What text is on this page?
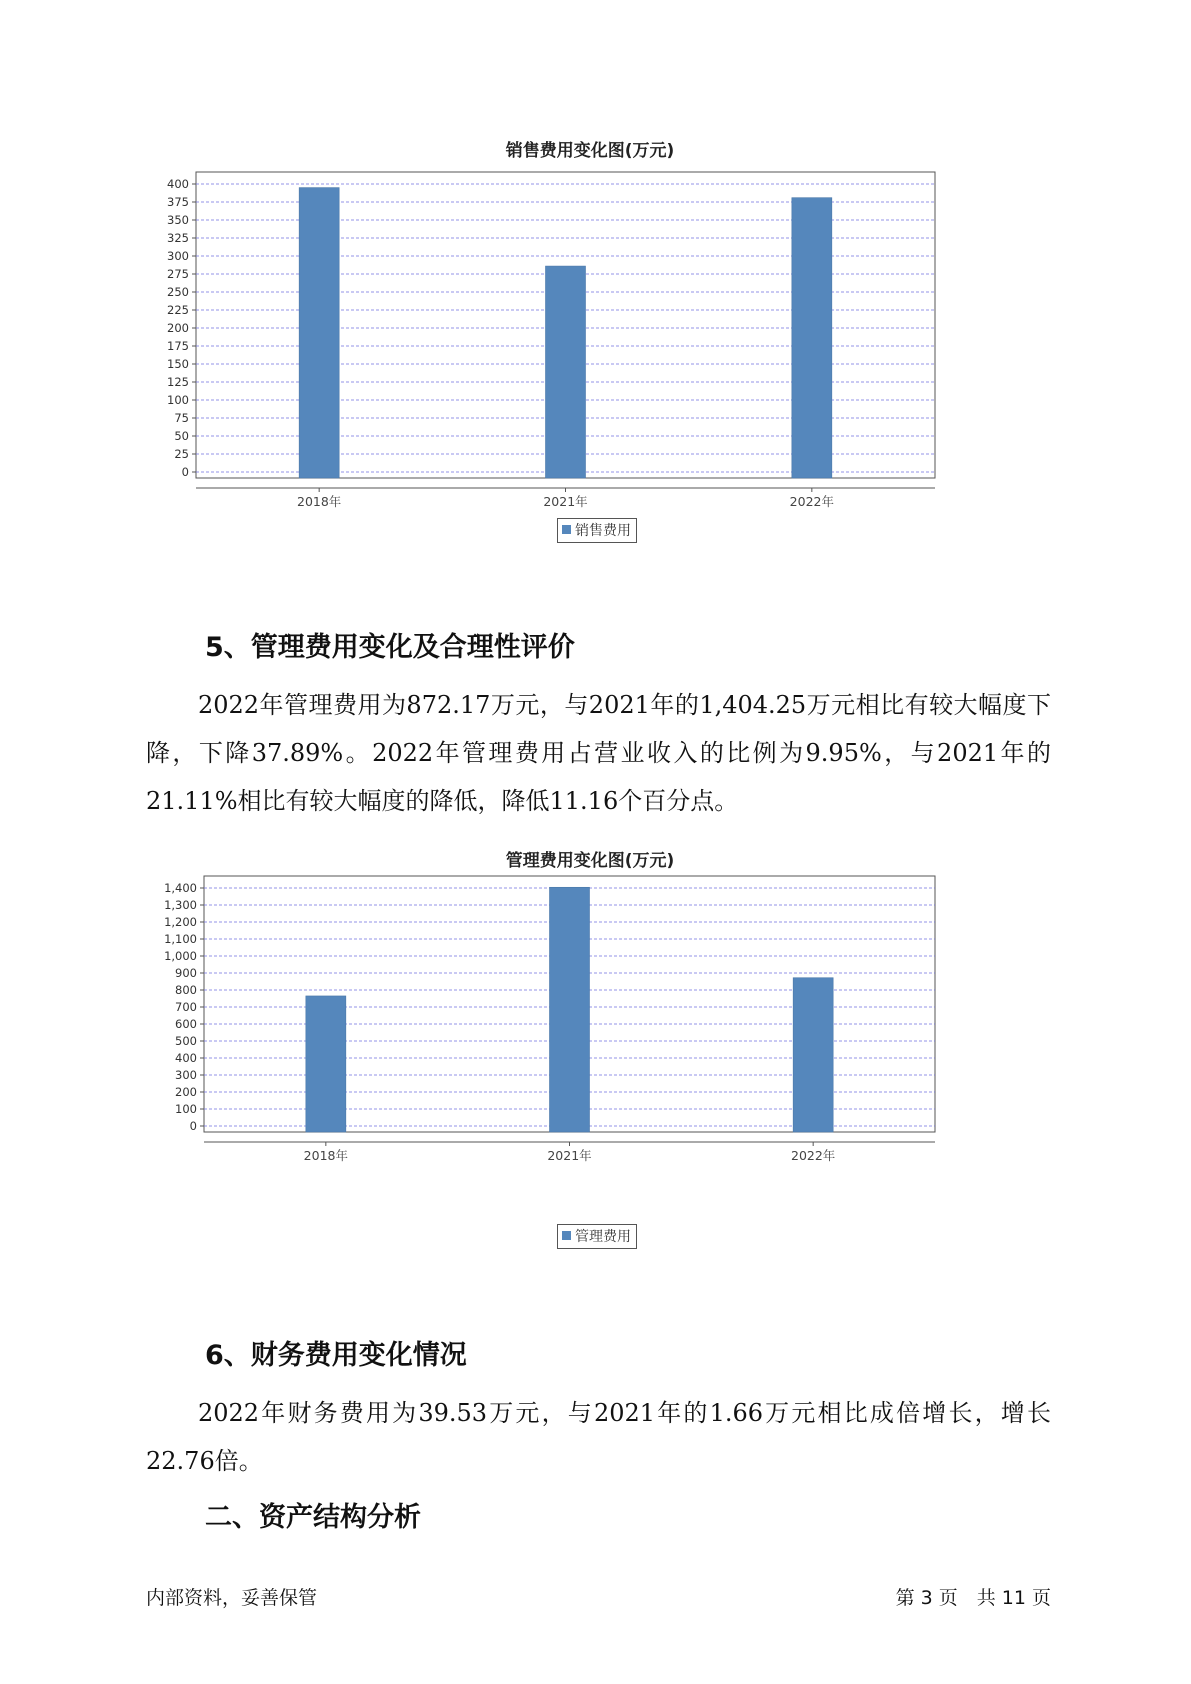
销售费用变化图(万元)
0
25
50
75
100
125
150
175
200
225
250
275
300
325
350
375
400
2018年	2021年	2022年
销售费用
5、管理费用变化及合理性评价

2022年管理费用为872.17万元，与2021年的1,404.25万元相比有较大幅度下降，下降37.89%。2022年管理费用占营业收入的比例为9.95%，与2021年的21.11%相比有较大幅度的降低，降低11.16个百分点。

管理费用变化图(万元)
0
100
200
300
400
500
600
700
800
900
1,000
1,100
1,200
1,300
1,400
2018年	2021年	2022年
管理费用
6、财务费用变化情况

2022年财务费用为39.53万元，与2021年的1.66万元相比成倍增长，增长22.76倍。

二、资产结构分析
内部资料，妥善保管	第 3 页　共 11 页
